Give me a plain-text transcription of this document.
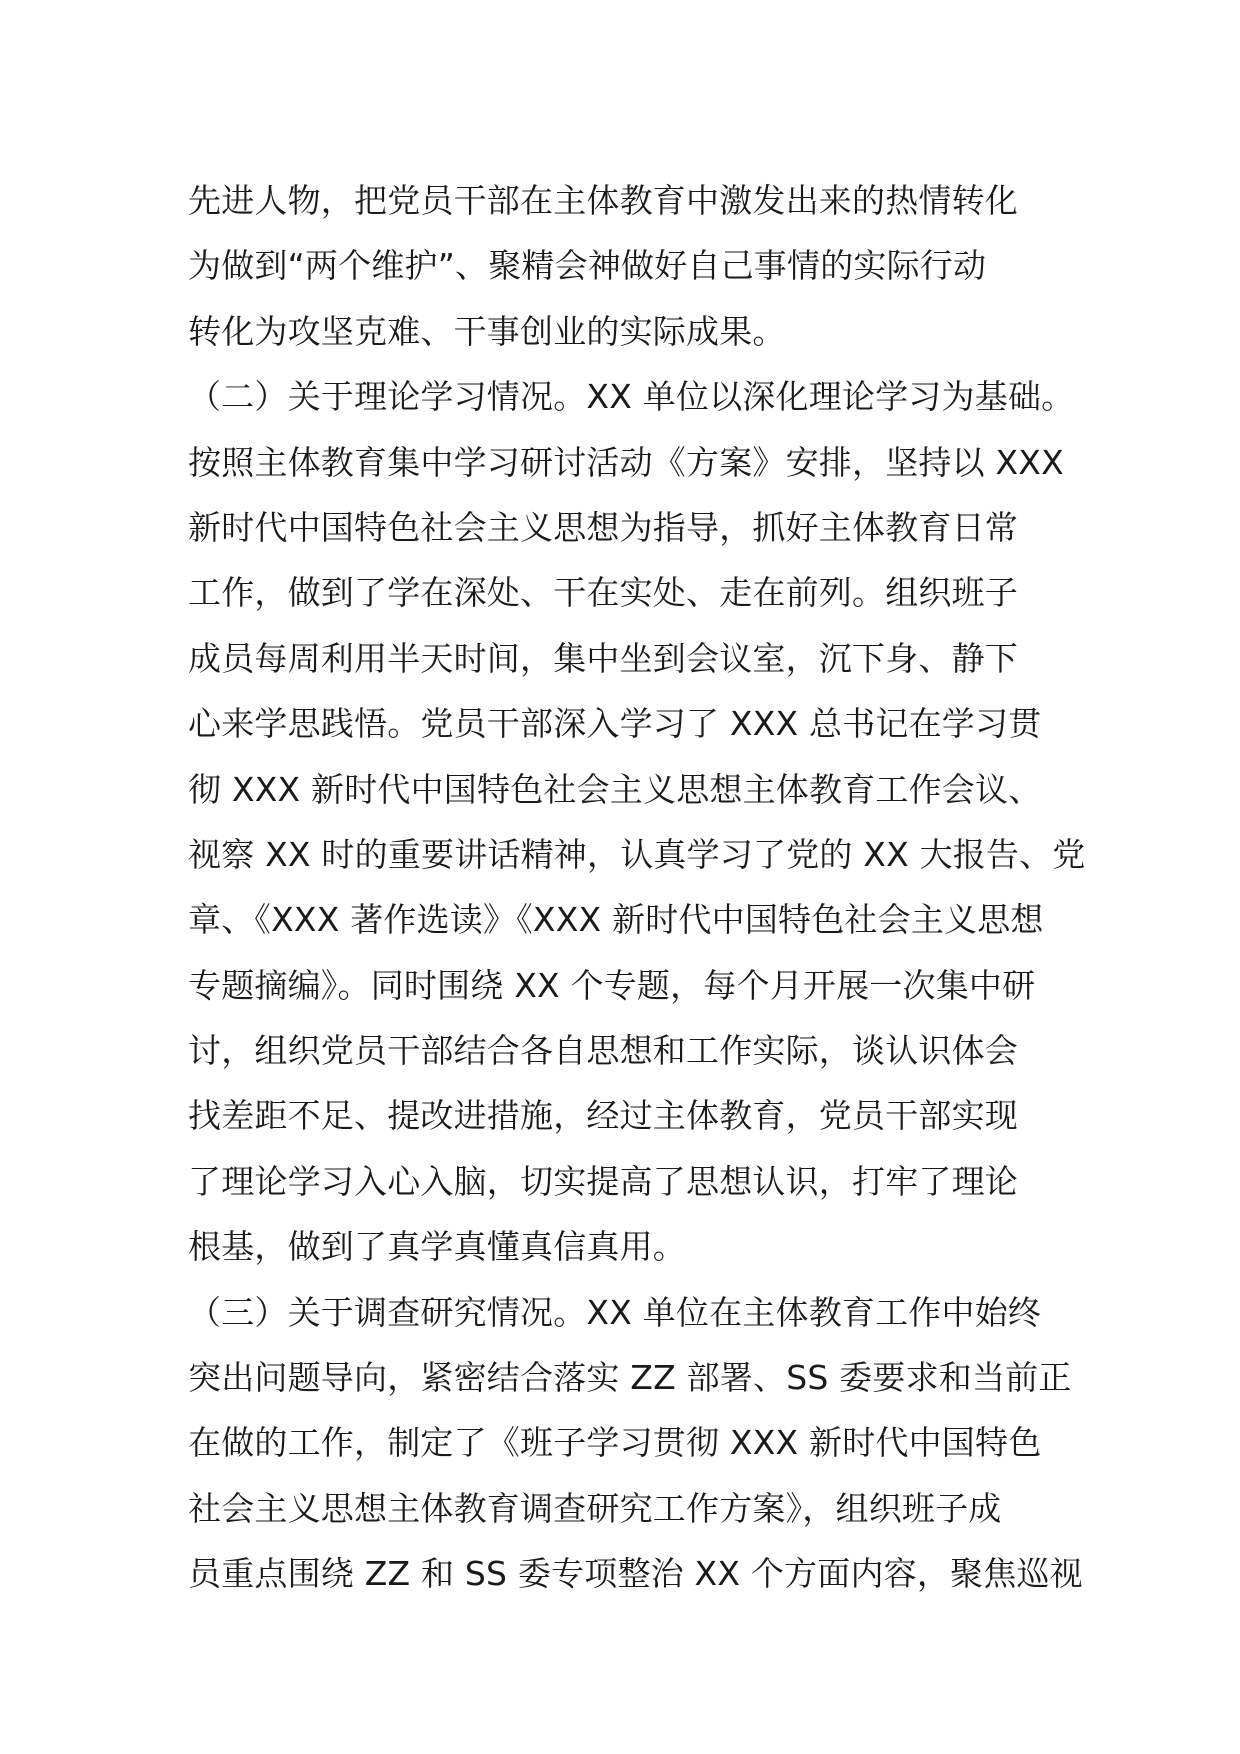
先进人物，把党员干部在主体教育中激发出来的热情转化
为做到“两个维护”、聚精会神做好自己事情的实际行动
转化为攻坚克难、干事创业的实际成果。
（二）关于理论学习情况。XX 单位以深化理论学习为基础。
按照主体教育集中学习研讨活动《方案》安排，坚持以 XXX
新时代中国特色社会主义思想为指导，抓好主体教育日常
工作，做到了学在深处、干在实处、走在前列。组织班子
成员每周利用半天时间，集中坐到会议室，沉下身、静下
心来学思践悟。党员干部深入学习了 XXX 总书记在学习贯
彻 XXX 新时代中国特色社会主义思想主体教育工作会议、
视察 XX 时的重要讲话精神，认真学习了党的 XX 大报告、党
章、《XXX 著作选读》《XXX 新时代中国特色社会主义思想
专题摘编》。同时围绕 XX 个专题，每个月开展一次集中研
讨，组织党员干部结合各自思想和工作实际，谈认识体会
找差距不足、提改进措施，经过主体教育，党员干部实现
了理论学习入心入脑，切实提高了思想认识，打牢了理论
根基，做到了真学真懂真信真用。
（三）关于调查研究情况。XX 单位在主体教育工作中始终
突出问题导向，紧密结合落实 ZZ 部署、SS 委要求和当前正
在做的工作，制定了《班子学习贯彻 XXX 新时代中国特色
社会主义思想主体教育调查研究工作方案》，组织班子成
员重点围绕 ZZ 和 SS 委专项整治 XX 个方面内容，聚焦巡视
